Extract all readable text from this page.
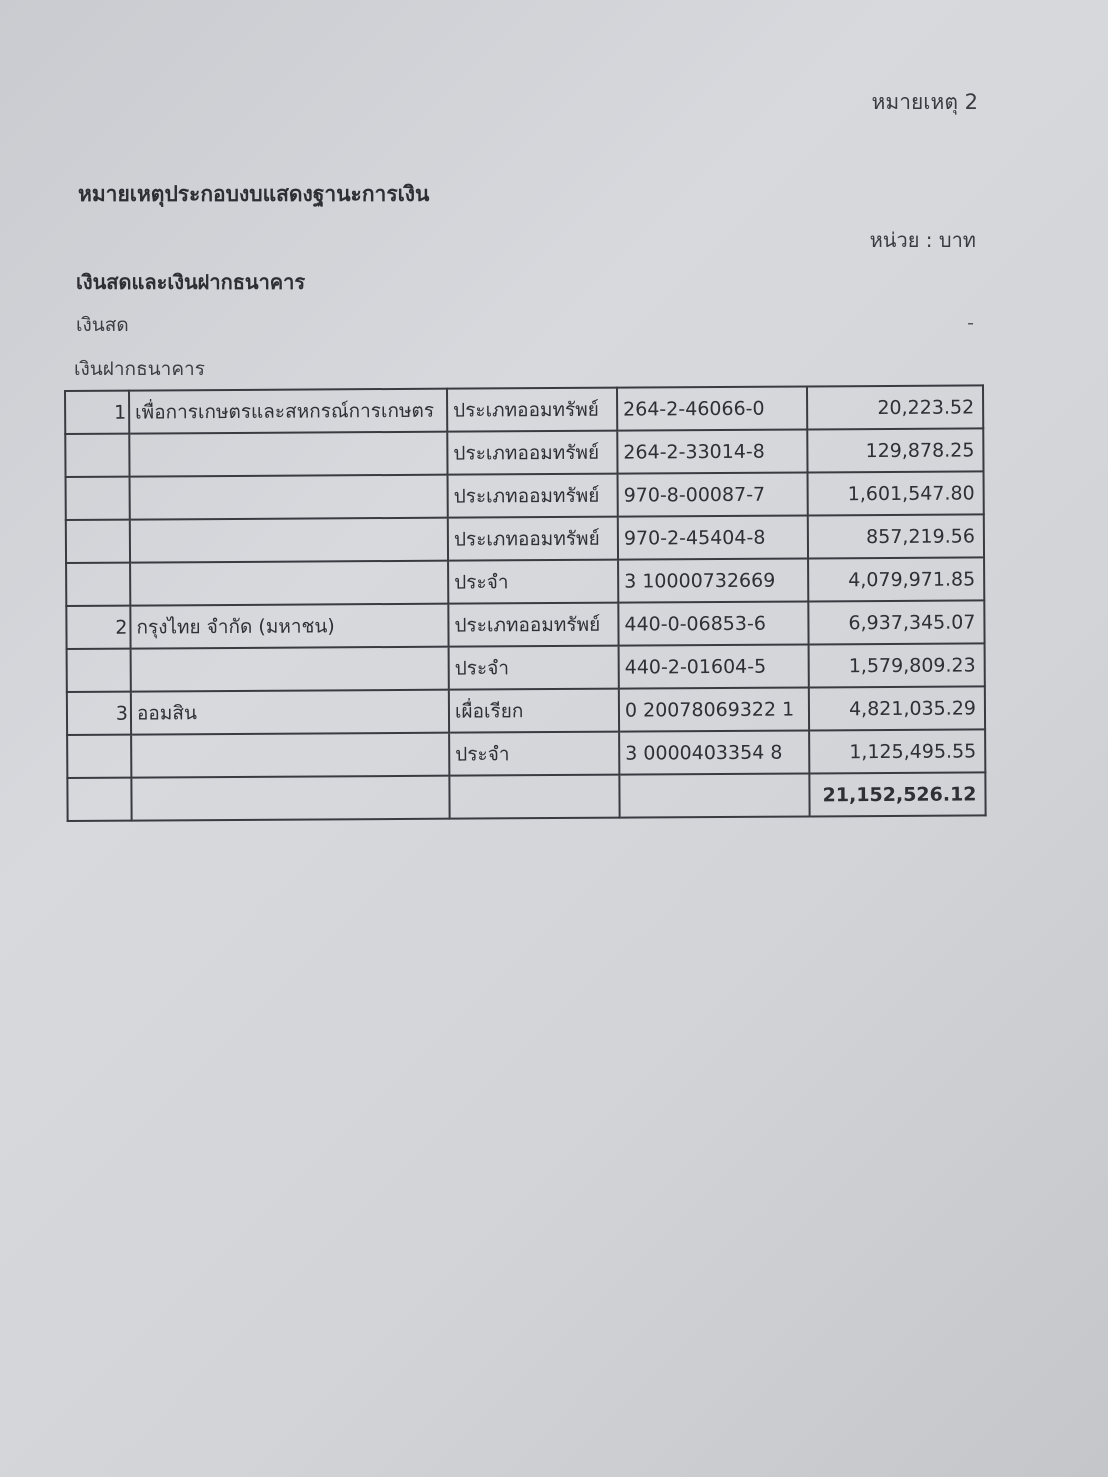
หมายเหตุ 2
หมายเหตุประกอบงบแสดงฐานะการเงิน
หน่วย : บาท
เงินสดและเงินฝากธนาคาร
เงินสด	-
เงินฝากธนาคาร
1	เพื่อการเกษตรและสหกรณ์การเกษตร	ประเภทออมทรัพย์	264-2-46066-0	20,223.52
		ประเภทออมทรัพย์	264-2-33014-8	129,878.25
		ประเภทออมทรัพย์	970-8-00087-7	1,601,547.80
		ประเภทออมทรัพย์	970-2-45404-8	857,219.56
		ประจำ	3 10000732669	4,079,971.85
2	กรุงไทย จำกัด (มหาชน)	ประเภทออมทรัพย์	440-0-06853-6	6,937,345.07
		ประจำ	440-2-01604-5	1,579,809.23
3	ออมสิน	เผื่อเรียก	0 20078069322 1	4,821,035.29
		ประจำ	3 0000403354 8	1,125,495.55
				21,152,526.12
